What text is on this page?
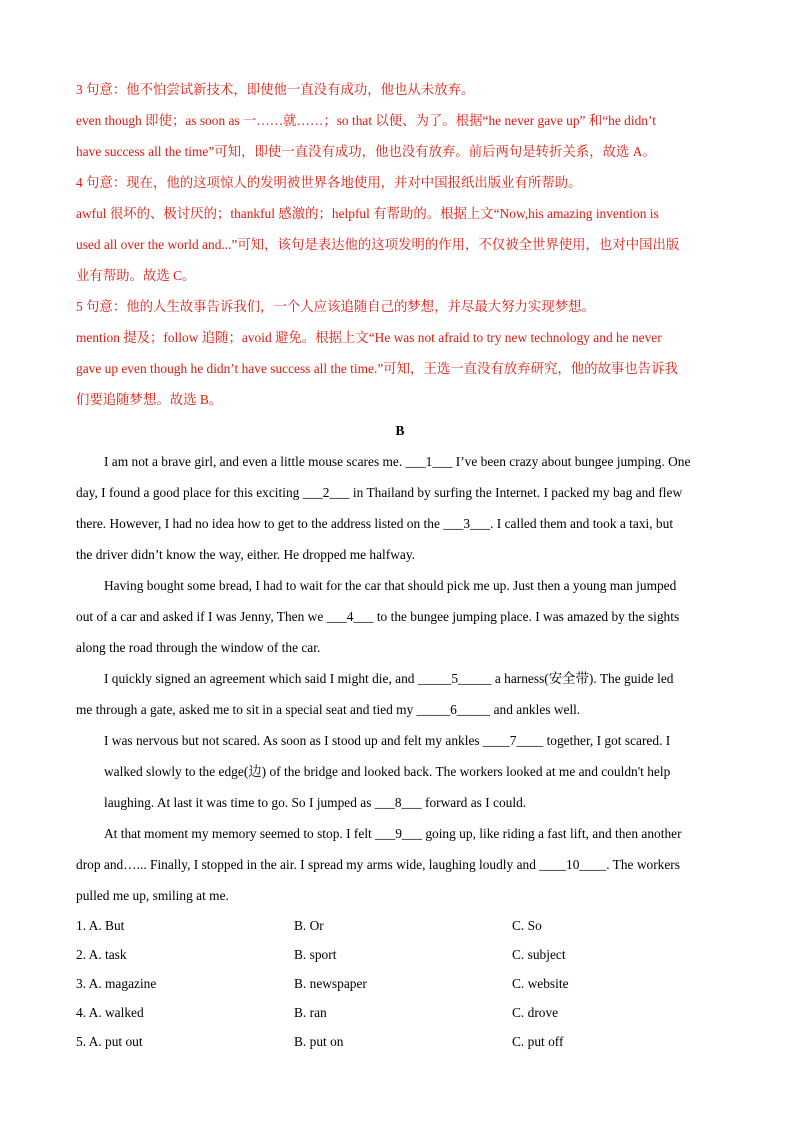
3 句意：他不怕尝试新技术，即使他一直没有成功，他也从未放弃。

even though 即使；as soon as 一……就……；so that 以便、为了。根据“he never gave up” 和“he didn’t

have success all the time”可知，即使一直没有成功，他也没有放弃。前后两句是转折关系，故选 A。

4 句意：现在，他的这项惊人的发明被世界各地使用，并对中国报纸出版业有所帮助。

awful 很坏的、极讨厌的；thankful 感激的；helpful 有帮助的。根据上文“Now,his amazing invention is

used all over the world and...”可知，该句是表达他的这项发明的作用，不仅被全世界使用，也对中国出版

业有帮助。故选 C。

5 句意：他的人生故事告诉我们，一个人应该追随自己的梦想，并尽最大努力实现梦想。

mention 提及；follow 追随；avoid 避免。根据上文“He was not afraid to try new technology and he never

gave up even though he didn’t have success all the time.”可知，王选一直没有放弃研究，他的故事也告诉我

们要追随梦想。故选 B。

B

I am not a brave girl, and even a little mouse scares me. ___1___ I’ve been crazy about bungee jumping. One

day, I found a good place for this exciting ___2___ in Thailand by surfing the Internet. I packed my bag and flew

there. However, I had no idea how to get to the address listed on the ___3___. I called them and took a taxi, but

the driver didn’t know the way, either. He dropped me halfway.

Having bought some bread, I had to wait for the car that should pick me up. Just then a young man jumped

out of a car and asked if I was Jenny, Then we ___4___ to the bungee jumping place. I was amazed by the sights

along the road through the window of the car.

I quickly signed an agreement which said I might die, and _____5_____ a harness(安全带). The guide led

me through a gate, asked me to sit in a special seat and tied my _____6_____ and ankles well.

I was nervous but not scared. As soon as I stood up and felt my ankles ____7____ together, I got scared. I

walked slowly to the edge(边) of the bridge and looked back. The workers looked at me and couldn't help

laughing. At last it was time to go. So I jumped as ___8___ forward as I could.

At that moment my memory seemed to stop. I felt ___9___ going up, like riding a fast lift, and then another

drop and…... Finally, I stopped in the air. I spread my arms wide, laughing loudly and ____10____. The workers

pulled me up, smiling at me.

1. A. But	B. Or	C. So
2. A. task	B. sport	C. subject
3. A. magazine	B. newspaper	C. website
4. A. walked	B. ran	C. drove
5. A. put out	B. put on	C. put off
